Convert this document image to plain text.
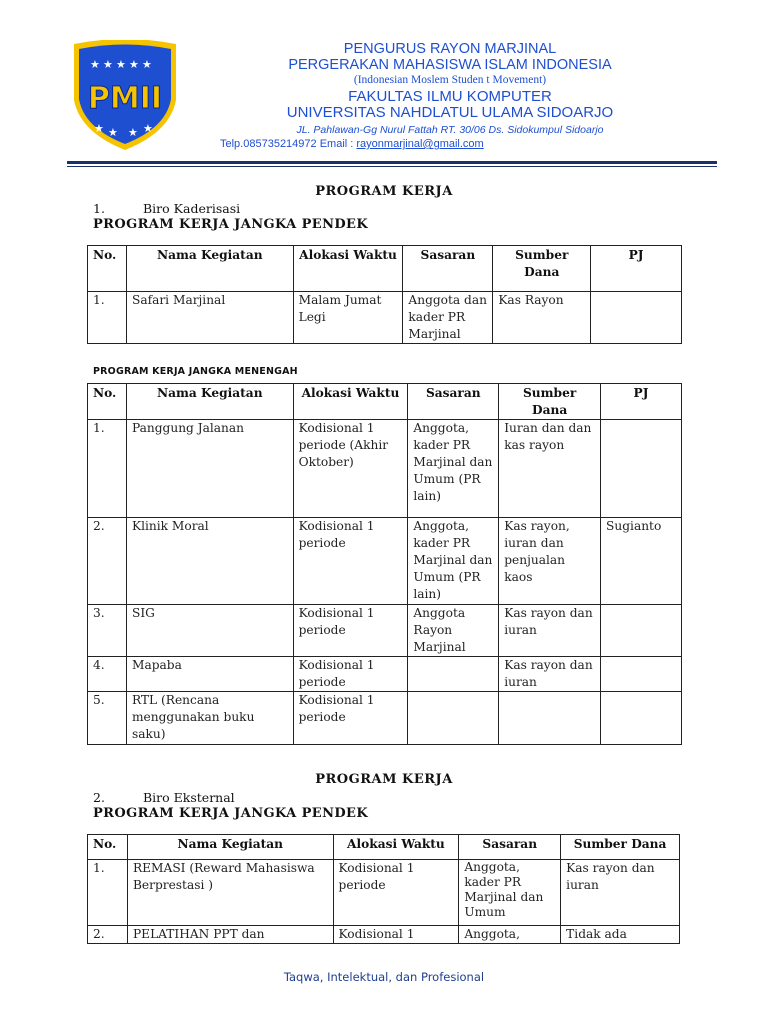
★ ★ ★ ★ ★
★ ★ ★ ★
PMII
PENGURUS RAYON MARJINAL
PERGERAKAN MAHASISWA ISLAM INDONESIA
(Indonesian Moslem Studen t Movement)
FAKULTAS ILMU KOMPUTER
UNIVERSITAS NAHDLATUL ULAMA SIDOARJO
JL. Pahlawan-Gg Nurul Fattah RT. 30/06 Ds. Sidokumpul Sidoarjo
Telp.085735214972 Email : rayonmarjinal@gmail.com
PROGRAM KERJA
1.	Biro Kaderisasi
PROGRAM KERJA JANGKA PENDEK
No.	Nama Kegiatan	Alokasi Waktu	Sasaran	Sumber Dana	PJ
1.	Safari Marjinal	Malam Jumat Legi	Anggota dan kader PR Marjinal	Kas Rayon	
PROGRAM KERJA JANGKA MENENGAH
No.	Nama Kegiatan	Alokasi Waktu	Sasaran	Sumber Dana	PJ
1.	Panggung Jalanan	Kodisional 1 periode (Akhir Oktober)	Anggota, kader PR Marjinal dan Umum (PR lain)	Iuran dan dan kas rayon	
2.	Klinik Moral	Kodisional 1 periode	Anggota, kader PR Marjinal dan Umum (PR lain)	Kas rayon, iuran dan penjualan kaos	Sugianto
3.	SIG	Kodisional 1 periode	Anggota Rayon Marjinal	Kas rayon dan iuran	
4.	Mapaba	Kodisional 1 periode		Kas rayon dan iuran	
5.	RTL (Rencana menggunakan buku saku)	Kodisional 1 periode			
PROGRAM KERJA
2.	Biro Eksternal
PROGRAM KERJA JANGKA PENDEK
No.	Nama Kegiatan	Alokasi Waktu	Sasaran	Sumber Dana
1.	REMASI (Reward Mahasiswa Berprestasi )	Kodisional 1 periode	Anggota, kader PR Marjinal dan Umum	Kas rayon dan iuran
2.	PELATIHAN PPT dan	Kodisional 1	Anggota,	Tidak ada
Taqwa, Intelektual, dan Profesional
